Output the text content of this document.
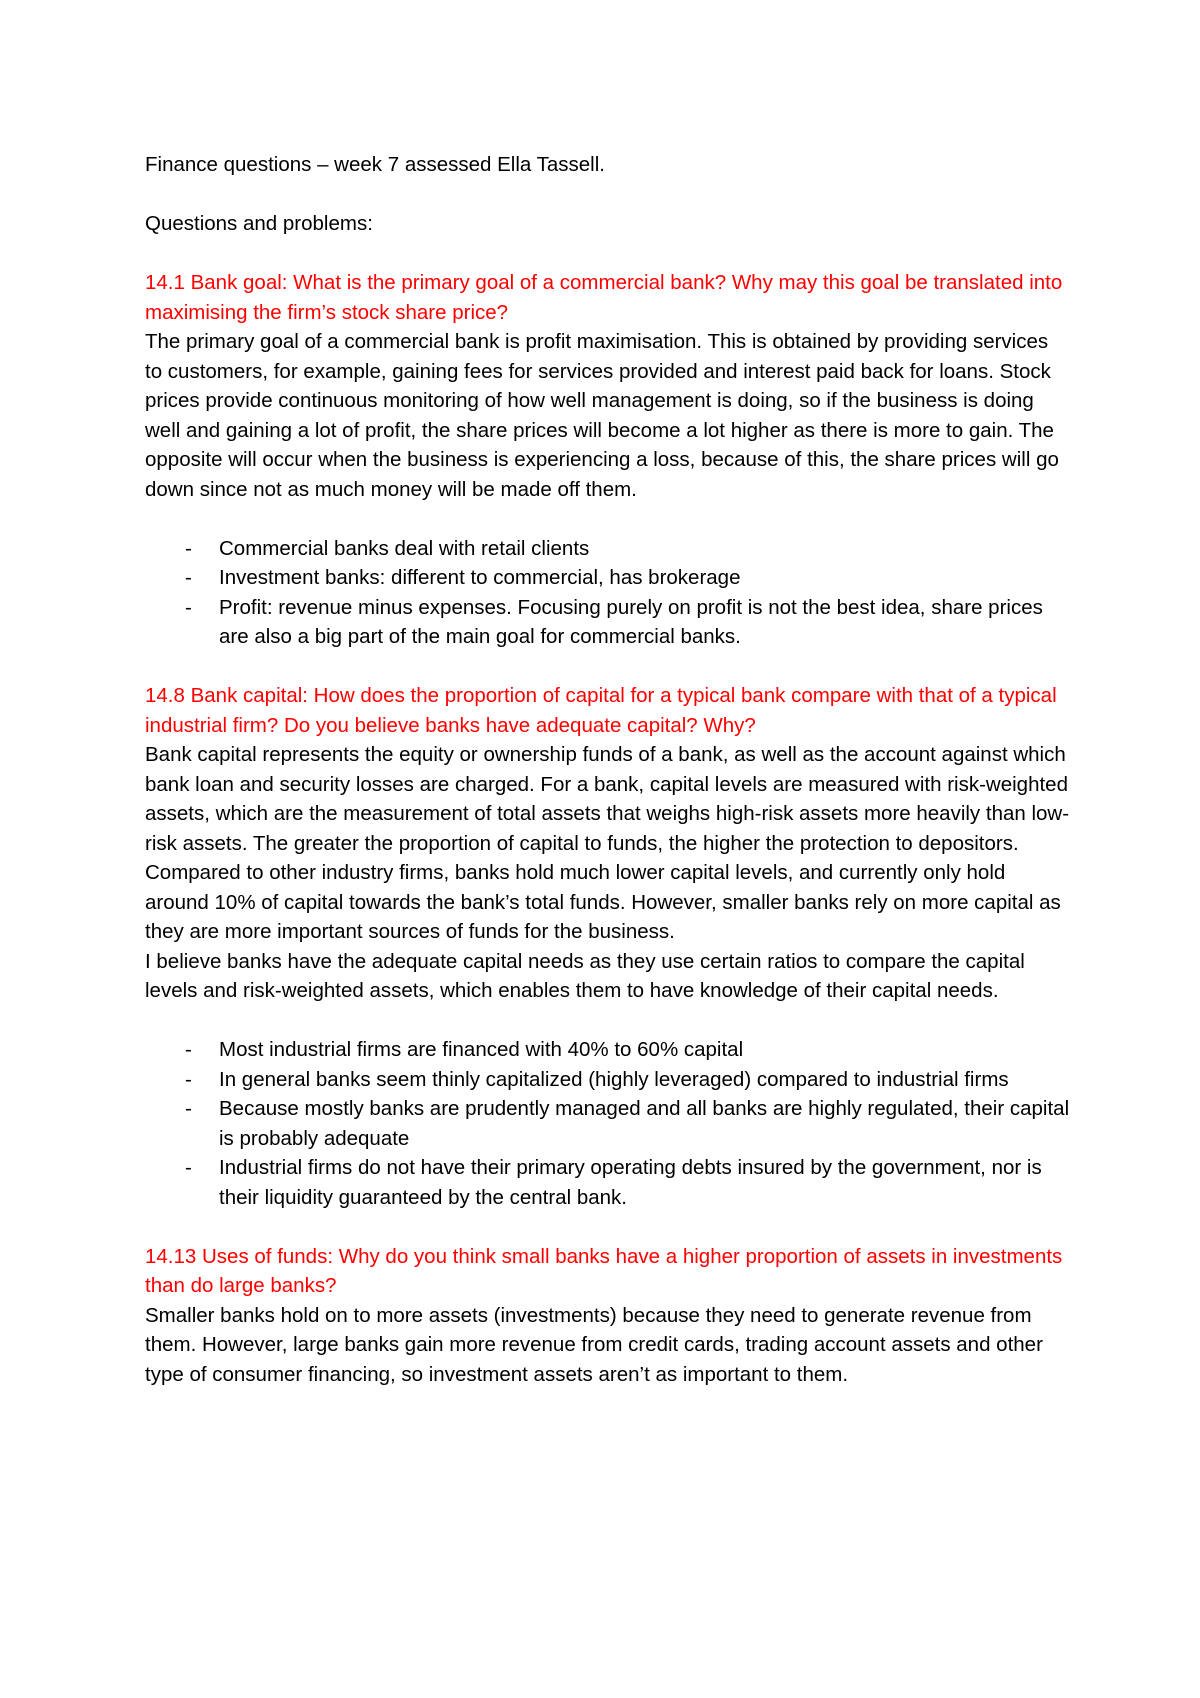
Finance questions – week 7 assessed Ella Tassell.

Questions and problems:

14.1 Bank goal: What is the primary goal of a commercial bank? Why may this goal be translated into maximising the firm’s stock share price?

The primary goal of a commercial bank is profit maximisation. This is obtained by providing services to customers, for example, gaining fees for services provided and interest paid back for loans. Stock prices provide continuous monitoring of how well management is doing, so if the business is doing well and gaining a lot of profit, the share prices will become a lot higher as there is more to gain. The opposite will occur when the business is experiencing a loss, because of this, the share prices will go down since not as much money will be made off them.

- Commercial banks deal with retail clients
- Investment banks: different to commercial, has brokerage
- Profit: revenue minus expenses. Focusing purely on profit is not the best idea, share prices are also a big part of the main goal for commercial banks.

14.8 Bank capital: How does the proportion of capital for a typical bank compare with that of a typical industrial firm? Do you believe banks have adequate capital? Why?

Bank capital represents the equity or ownership funds of a bank, as well as the account against which bank loan and security losses are charged. For a bank, capital levels are measured with risk-weighted assets, which are the measurement of total assets that weighs high-risk assets more heavily than low-risk assets. The greater the proportion of capital to funds, the higher the protection to depositors. Compared to other industry firms, banks hold much lower capital levels, and currently only hold around 10% of capital towards the bank’s total funds. However, smaller banks rely on more capital as they are more important sources of funds for the business.

I believe banks have the adequate capital needs as they use certain ratios to compare the capital levels and risk-weighted assets, which enables them to have knowledge of their capital needs.

- Most industrial firms are financed with 40% to 60% capital
- In general banks seem thinly capitalized (highly leveraged) compared to industrial firms
- Because mostly banks are prudently managed and all banks are highly regulated, their capital is probably adequate
- Industrial firms do not have their primary operating debts insured by the government, nor is their liquidity guaranteed by the central bank.

14.13 Uses of funds: Why do you think small banks have a higher proportion of assets in investments than do large banks?

Smaller banks hold on to more assets (investments) because they need to generate revenue from them. However, large banks gain more revenue from credit cards, trading account assets and other type of consumer financing, so investment assets aren’t as important to them.
